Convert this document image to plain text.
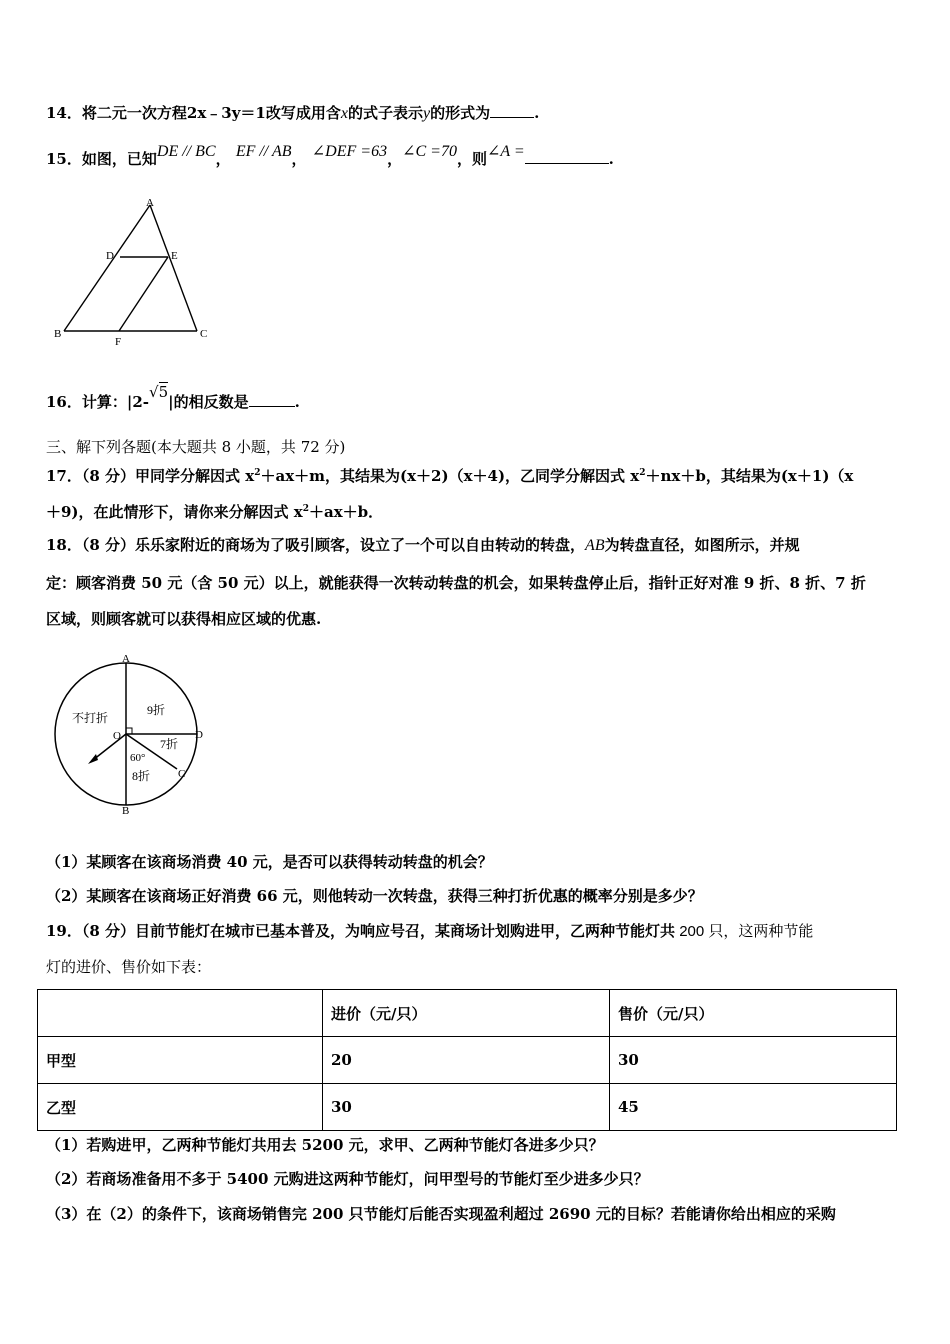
14．将二元一次方程2x﹣3y＝1改写成用含x的式子表示y的形式为	.
15．如图，已知DE // BC， EF // AB， ∠DEF =63，∠C =70，则∠A =	.
A
D	E
B
F
C
16．计算：|2-√5|的相反数是	.
三、解下列各题(本大题共 8 小题，共 72 分)
17．（8 分）甲同学分解因式 $x^2+ax+m$，其结果为(x＋2)（x＋4)，乙同学分解因式 $x^2+nx+b$，其结果为(x＋1)（x
＋9)，在此情形下，请你来分解因式 $x^2+ax+b$．
18．（8 分）乐乐家附近的商场为了吸引顾客，设立了一个可以自由转动的转盘，AB为转盘直径，如图所示，并规
定：顾客消费 50 元（含 50 元）以上，就能获得一次转动转盘的机会，如果转盘停止后，指针正好对准 9 折、8 折、7 折
区域，则顾客就可以获得相应区域的优惠.
A
B
C
D
O
不打折
9折
7折
8折
60°
（1）某顾客在该商场消费 40 元，是否可以获得转动转盘的机会？
（2）某顾客在该商场正好消费 66 元，则他转动一次转盘，获得三种打折优惠的概率分别是多少？
19．（8 分）目前节能灯在城市已基本普及，为响应号召，某商场计划购进甲，乙两种节能灯共 200 只，这两种节能
灯的进价、售价如下表：
	进价（元/只）	售价（元/只）
甲型	20	30
乙型	30	45
（1）若购进甲，乙两种节能灯共用去 5200 元，求甲、乙两种节能灯各进多少只？
（2）若商场准备用不多于 5400 元购进这两种节能灯，问甲型号的节能灯至少进多少只？
（3）在（2）的条件下，该商场销售完 200 只节能灯后能否实现盈利超过 2690 元的目标？若能请你给出相应的采购
